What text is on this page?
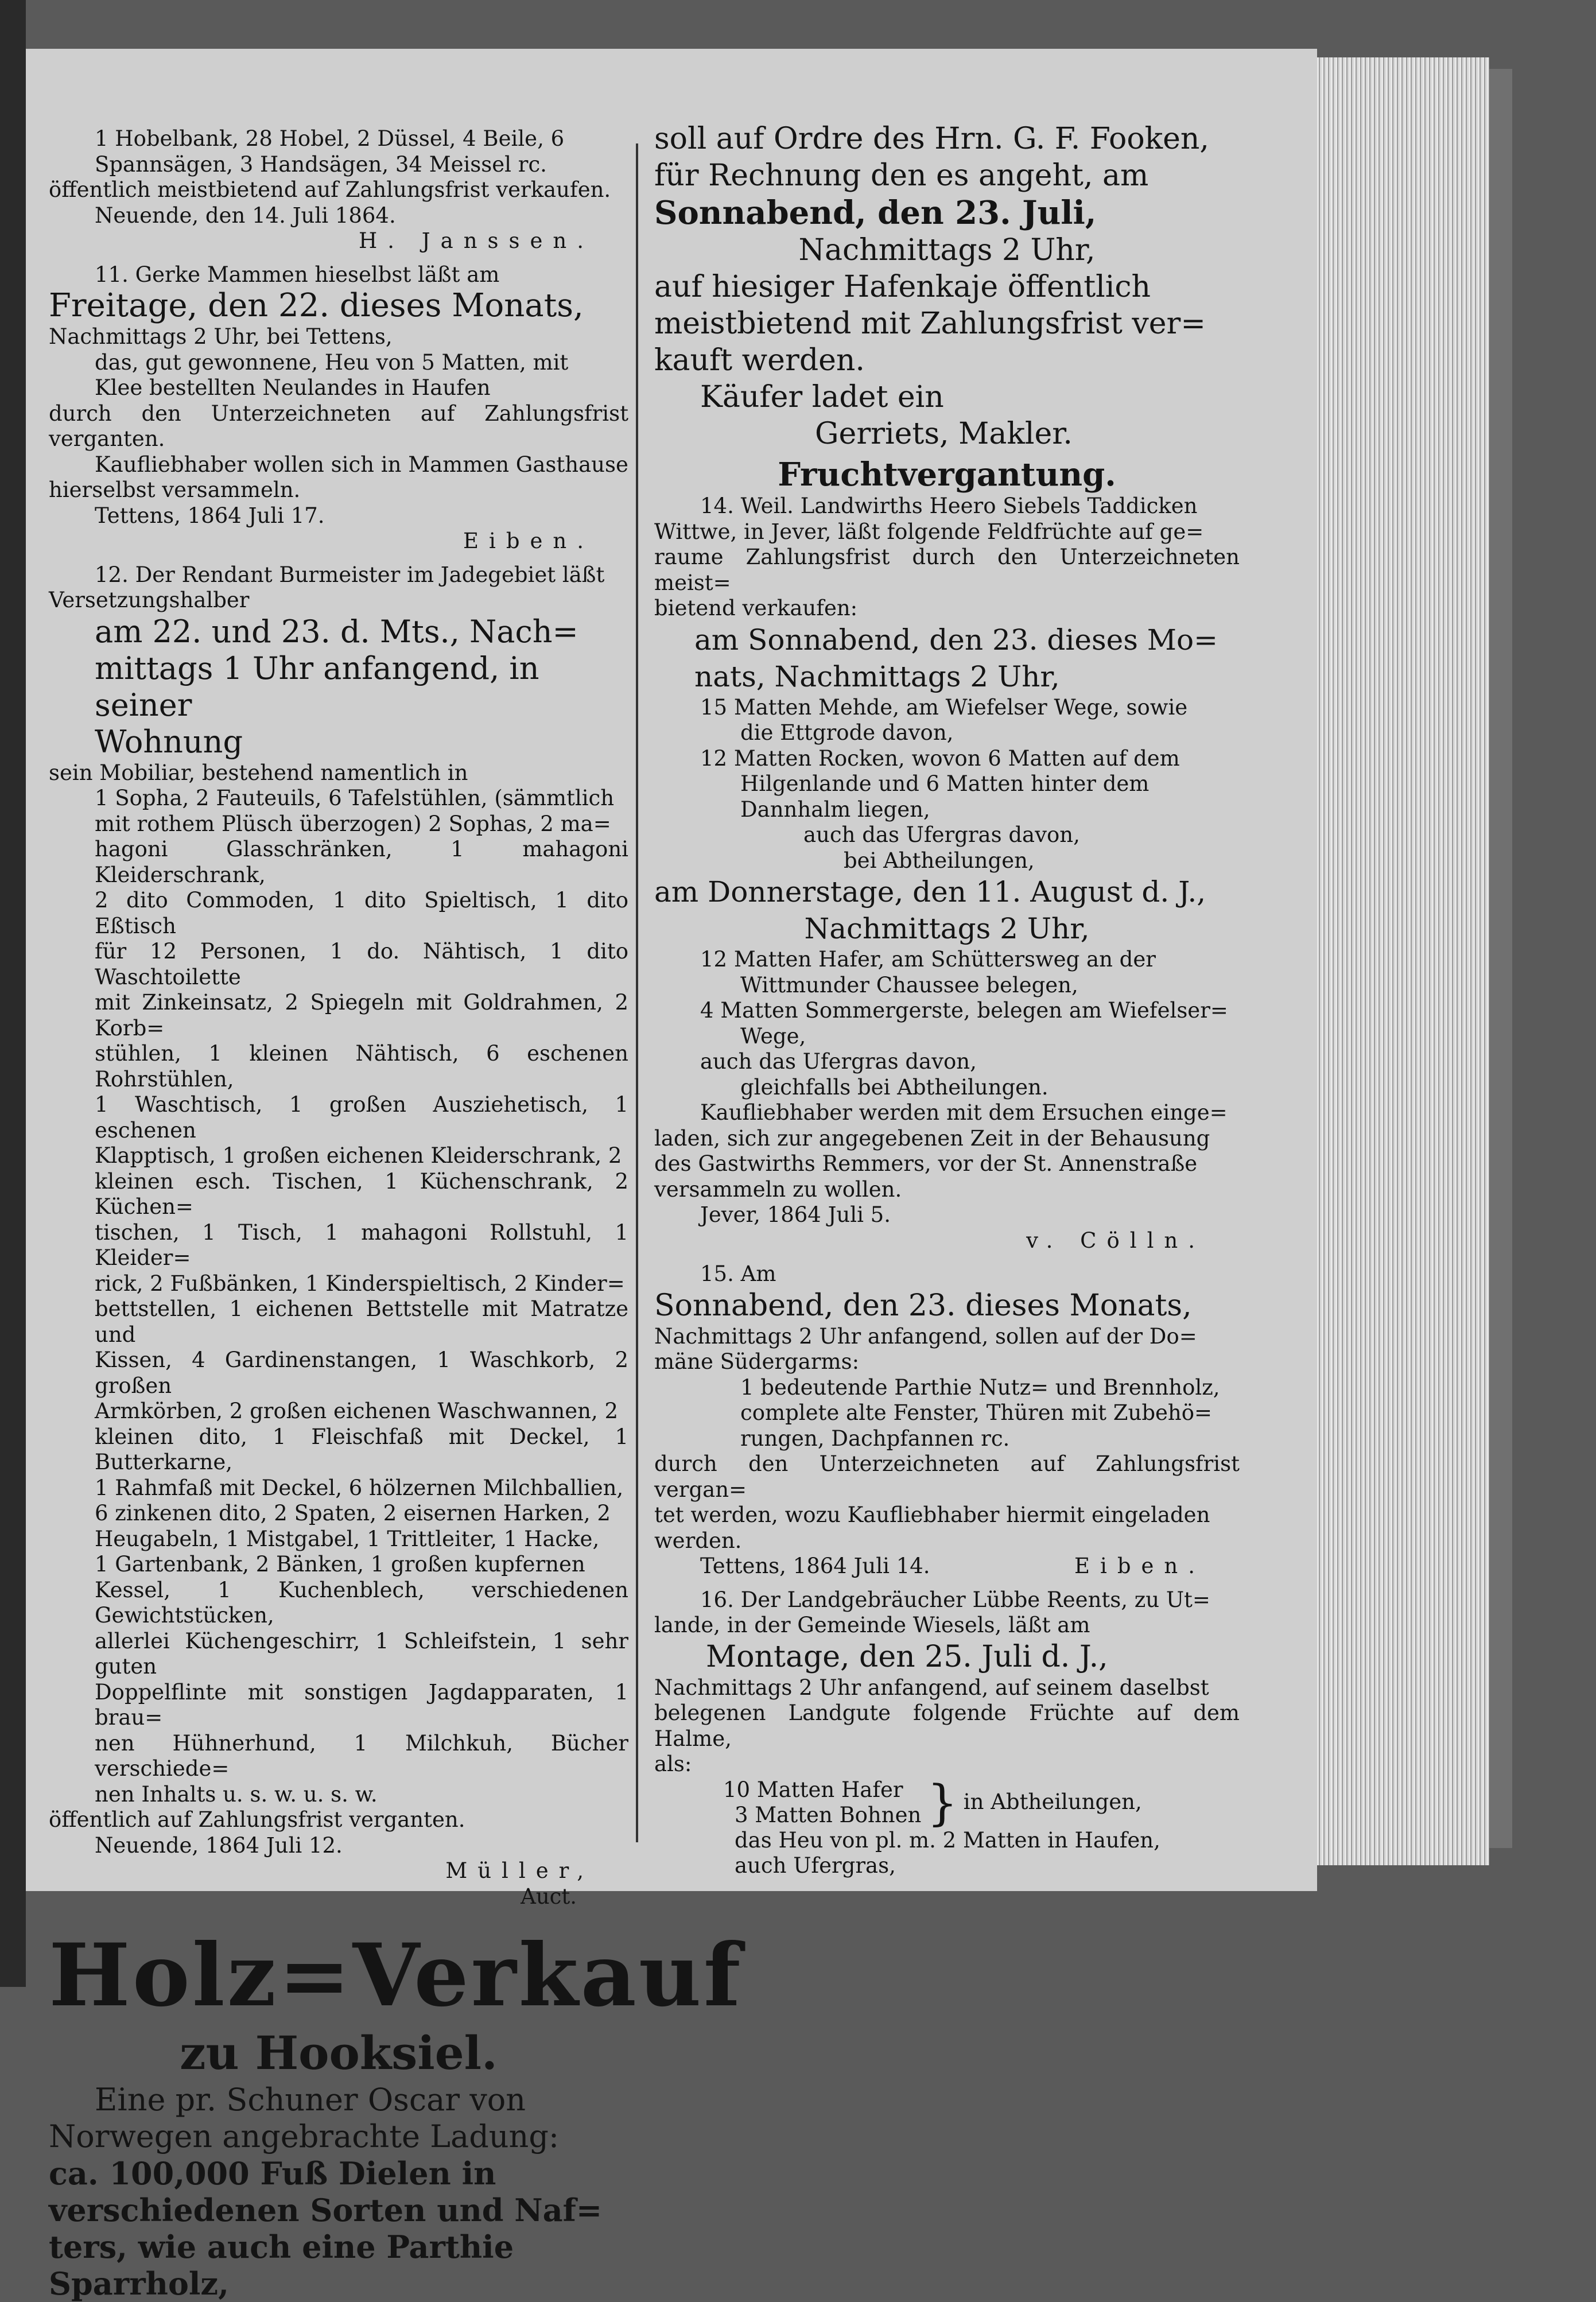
1 Hobelbank, 28 Hobel, 2 Düssel, 4 Beile, 6

Spannsägen, 3 Handsägen, 34 Meissel rc.

öffentlich meistbietend auf Zahlungsfrist verkaufen.

Neuende, den 14. Juli 1864.

H. Janssen.

11. Gerke Mammen hieselbst läßt am

Freitage, den 22. dieses Monats,

Nachmittags 2 Uhr, bei Tettens,

das, gut gewonnene, Heu von 5 Matten, mit

Klee bestellten Neulandes in Haufen

durch den Unterzeichneten auf Zahlungsfrist verganten.

Kaufliebhaber wollen sich in Mammen Gasthause

hierselbst versammeln.

Tettens, 1864 Juli 17.

Eiben.

12. Der Rendant Burmeister im Jadegebiet läßt

Versetzungshalber

am 22. und 23. d. Mts., Nach=

mittags 1 Uhr anfangend, in seiner

Wohnung

sein Mobiliar, bestehend namentlich in

1 Sopha, 2 Fauteuils, 6 Tafelstühlen, (sämmtlich

mit rothem Plüsch überzogen) 2 Sophas, 2 ma=

hagoni Glasschränken, 1 mahagoni Kleiderschrank,

2 dito Commoden, 1 dito Spieltisch, 1 dito Eßtisch

für 12 Personen, 1 do. Nähtisch, 1 dito Waschtoilette

mit Zinkeinsatz, 2 Spiegeln mit Goldrahmen, 2 Korb=

stühlen, 1 kleinen Nähtisch, 6 eschenen Rohrstühlen,

1 Waschtisch, 1 großen Ausziehetisch, 1 eschenen

Klapptisch, 1 großen eichenen Kleiderschrank, 2

kleinen esch. Tischen, 1 Küchenschrank, 2 Küchen=

tischen, 1 Tisch, 1 mahagoni Rollstuhl, 1 Kleider=

rick, 2 Fußbänken, 1 Kinderspieltisch, 2 Kinder=

bettstellen, 1 eichenen Bettstelle mit Matratze und

Kissen, 4 Gardinenstangen, 1 Waschkorb, 2 großen

Armkörben, 2 großen eichenen Waschwannen, 2

kleinen dito, 1 Fleischfaß mit Deckel, 1 Butterkarne,

1 Rahmfaß mit Deckel, 6 hölzernen Milchballien,

6 zinkenen dito, 2 Spaten, 2 eisernen Harken, 2

Heugabeln, 1 Mistgabel, 1 Trittleiter, 1 Hacke,

1 Gartenbank, 2 Bänken, 1 großen kupfernen

Kessel, 1 Kuchenblech, verschiedenen Gewichtstücken,

allerlei Küchengeschirr, 1 Schleifstein, 1 sehr guten

Doppelflinte mit sonstigen Jagdapparaten, 1 brau=

nen Hühnerhund, 1 Milchkuh, Bücher verschiede=

nen Inhalts u. s. w. u. s. w.

öffentlich auf Zahlungsfrist verganten.

Neuende, 1864 Juli 12.

Müller,

Auct.

Holz=Verkauf

zu Hooksiel.

Eine pr. Schuner Oscar von

Norwegen angebrachte Ladung:

ca. 100,000 Fuß Dielen in

verschiedenen Sorten und Naf=

ters, wie auch eine Parthie

Sparrholz,

soll auf Ordre des Hrn. G. F. Fooken,

für Rechnung den es angeht, am

Sonnabend, den 23. Juli,

Nachmittags 2 Uhr,

auf hiesiger Hafenkaje öffentlich

meistbietend mit Zahlungsfrist ver=

kauft werden.

Käufer ladet ein

Gerriets, Makler.

Fruchtvergantung.

14. Weil. Landwirths Heero Siebels Taddicken

Wittwe, in Jever, läßt folgende Feldfrüchte auf ge=

raume Zahlungsfrist durch den Unterzeichneten meist=

bietend verkaufen:

am Sonnabend, den 23. dieses Mo=

nats, Nachmittags 2 Uhr,

15 Matten Mehde, am Wiefelser Wege, sowie

die Ettgrode davon,

12 Matten Rocken, wovon 6 Matten auf dem

Hilgenlande und 6 Matten hinter dem

Dannhalm liegen,

auch das Ufergras davon,

bei Abtheilungen,

am Donnerstage, den 11. August d. J.,

Nachmittags 2 Uhr,

12 Matten Hafer, am Schüttersweg an der

Wittmunder Chaussee belegen,

4 Matten Sommergerste, belegen am Wiefelser=

Wege,

auch das Ufergras davon,

gleichfalls bei Abtheilungen.

Kaufliebhaber werden mit dem Ersuchen einge=

laden, sich zur angegebenen Zeit in der Behausung

des Gastwirths Remmers, vor der St. Annenstraße

versammeln zu wollen.

Jever, 1864 Juli 5.

v. Cölln.

15. Am

Sonnabend, den 23. dieses Monats,

Nachmittags 2 Uhr anfangend, sollen auf der Do=

mäne Südergarms:

1 bedeutende Parthie Nutz= und Brennholz,

complete alte Fenster, Thüren mit Zubehö=

rungen, Dachpfannen rc.

durch den Unterzeichneten auf Zahlungsfrist vergan=

tet werden, wozu Kaufliebhaber hiermit eingeladen

werden.

Tettens, 1864 Juli 14.	Eiben.

16. Der Landgebräucher Lübbe Reents, zu Ut=

lande, in der Gemeinde Wiesels, läßt am

Montage, den 25. Juli d. J.,

Nachmittags 2 Uhr anfangend, auf seinem daselbst

belegenen Landgute folgende Früchte auf dem Halme,

als:

10 Matten Hafer

3 Matten Bohnen } in Abtheilungen,

das Heu von pl. m. 2 Matten in Haufen,

auch Ufergras,
